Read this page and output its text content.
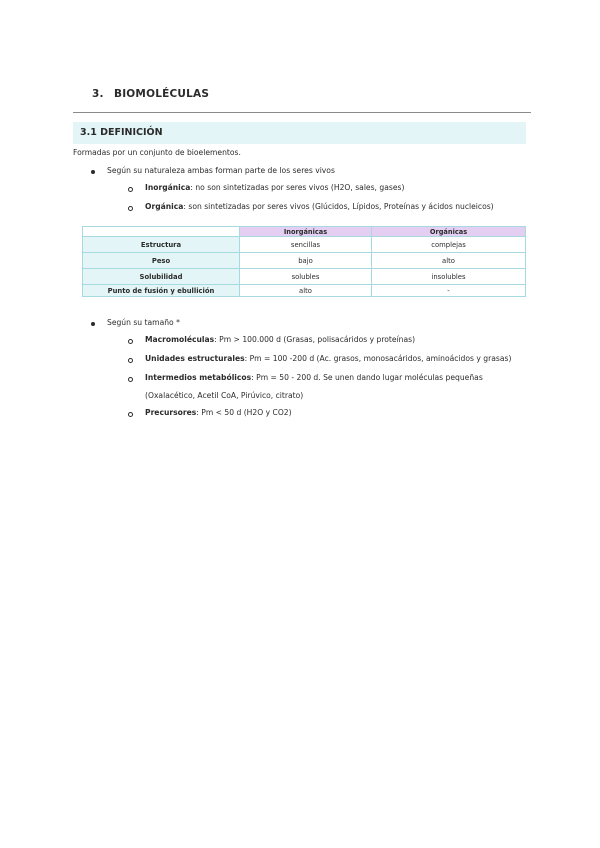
3. BIOMOLÉCULAS
3.1 DEFINICIÓN
Formadas por un conjunto de bioelementos.
Según su naturaleza ambas forman parte de los seres vivos
Inorgánica: no son sintetizadas por seres vivos (H2O, sales, gases)
Orgánica: son sintetizadas por seres vivos (Glúcidos, Lípidos, Proteínas y ácidos nucleicos)
	Inorgánicas	Orgánicas
Estructura	sencillas	complejas
Peso	bajo	alto
Solubilidad	solubles	insolubles
Punto de fusión y ebullición	alto	-
Según su tamaño *
Macromoléculas: Pm > 100.000 d (Grasas, polisacáridos y proteínas)
Unidades estructurales: Pm = 100 -200 d (Ac. grasos, monosacáridos, aminoácidos y grasas)
Intermedios metabólicos: Pm = 50 - 200 d. Se unen dando lugar moléculas pequeñas
(Oxalacético, Acetil CoA, Pirúvico, citrato)
Precursores: Pm < 50 d (H2O y CO2)
